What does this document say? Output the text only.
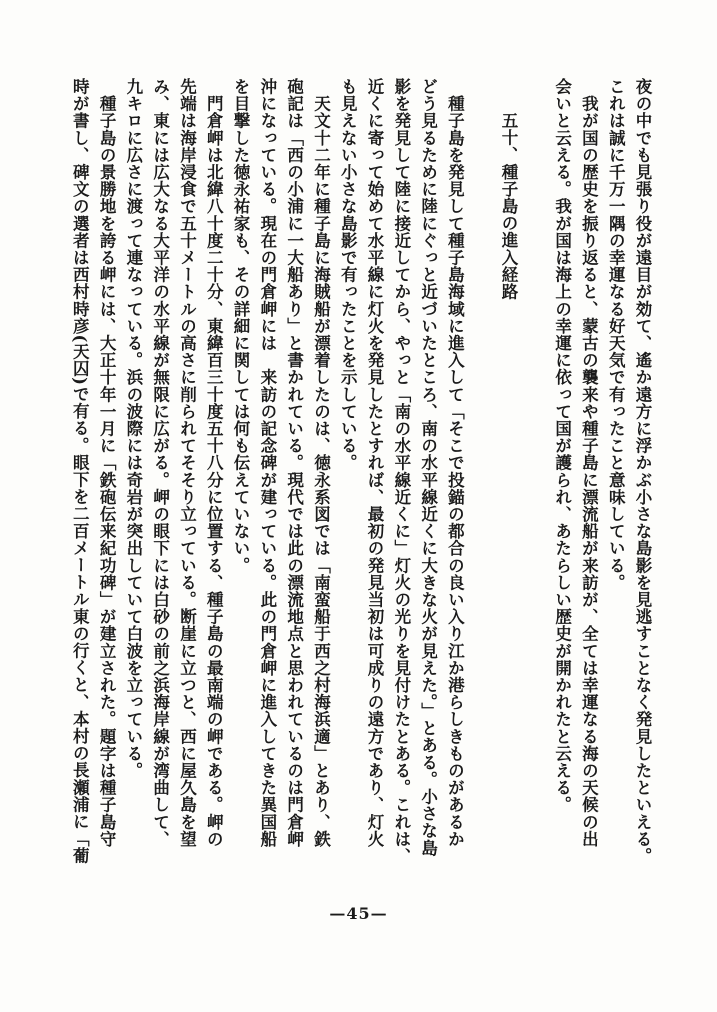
夜の中でも見張り役が遠目が効て、遙か遠方に浮かぶ小さな島影を見逃すことなく発見したといえる。
これは誠に千万一隅の幸運なる好天気で有ったこと意味している。
　我が国の歴史を振り返ると、蒙古の襲来や種子島に漂流船が来訪が、全ては幸運なる海の天候の出
会いと云える。我が国は海上の幸運に依って国が護られ、あたらしい歴史が開かれたと云える。
五十、種子島の進入経路
　種子島を発見して種子島海域に進入して「そこで投錨の都合の良い入り江か港らしきものがあるか
どう見るために陸にぐっと近づいたところ、南の水平線近くに大きな火が見えた。」とある。小さな島
影を発見して陸に接近してから、やっと「南の水平線近くに」灯火の光りを見付けたとある。これは、
近くに寄って始めて水平線に灯火を発見したとすれば、最初の発見当初は可成りの遠方であり、灯火
も見えない小さな島影で有ったことを示している。
　天文十二年に種子島に海賊船が漂着したのは、徳永系図では「南蛮船于西之村海浜適」とあり、鉄
砲記は「西の小浦に一大船あり」と書かれている。現代では此の漂流地点と思われているのは門倉岬
沖になっている。現在の門倉岬には　来訪の記念碑が建っている。此の門倉岬に進入してきた異国船
を目撃した徳永祐家も、その詳細に関しては何も伝えていない。
　門倉岬は北緯八十度二十分、東緯百三十度五十八分に位置する、種子島の最南端の岬である。岬の
先端は海岸浸食で五十メートルの高さに削られてそそり立っている。断崖に立つと、西に屋久島を望
み、東には広大なる大平洋の水平線が無限に広がる。岬の眼下には白砂の前之浜海岸線が湾曲して、
九キロに広さに渡って連なっている。浜の波際には奇岩が突出していて白波を立っている。
　種子島の景勝地を誇る岬には、大正十年一月に「鉄砲伝来紀功碑」が建立された。題字は種子島守
時が書し、碑文の選者は西村時彦(天囚)で有る。眼下を二百メートル東の行くと、本村の長瀬浦に「葡
—45—
